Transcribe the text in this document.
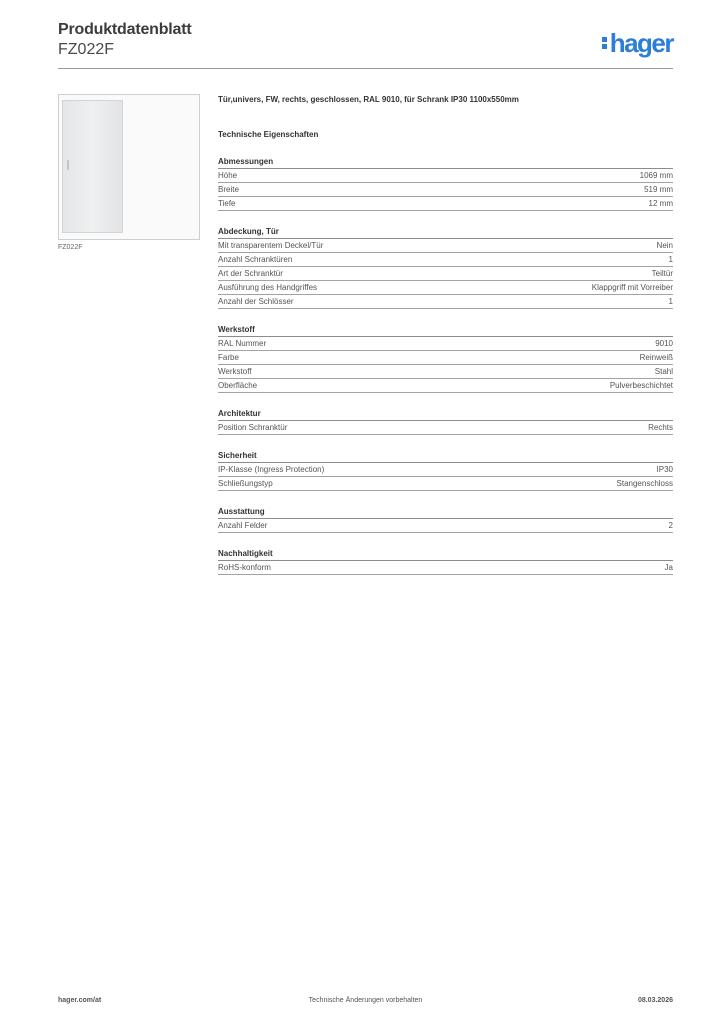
Produktdatenblatt
FZ022F	hager
FZ022F
Tür,univers, FW, rechts, geschlossen, RAL 9010, für Schrank IP30 1100x550mm
Technische Eigenschaften
Abmessungen
Höhe	1069 mm
Breite	519 mm
Tiefe	12 mm
Abdeckung, Tür
Mit transparentem Deckel/Tür	Nein
Anzahl Schranktüren	1
Art der Schranktür	Teiltür
Ausführung des Handgriffes	Klappgriff mit Vorreiber
Anzahl der Schlösser	1
Werkstoff
RAL Nummer	9010
Farbe	Reinweiß
Werkstoff	Stahl
Oberfläche	Pulverbeschichtet
Architektur
Position Schranktür	Rechts
Sicherheit
IP-Klasse (Ingress Protection)	IP30
Schließungstyp	Stangenschloss
Ausstattung
Anzahl Felder	2
Nachhaltigkeit
RoHS-konform	Ja
hager.com/at	Technische Änderungen vorbehalten	08.03.2026
